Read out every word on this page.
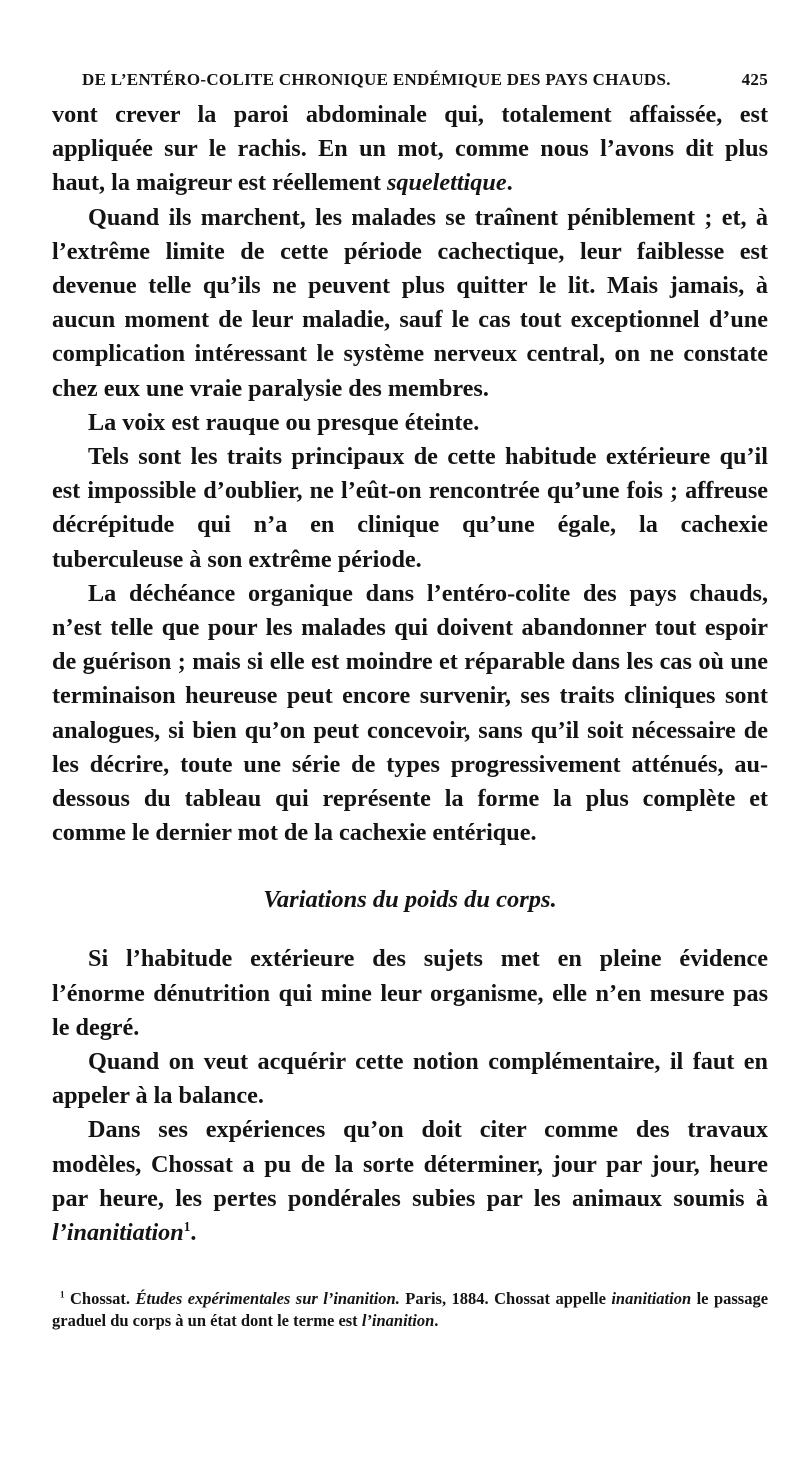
DE L’ENTÉRO-COLITE CHRONIQUE ENDÉMIQUE DES PAYS CHAUDS.	425

vont crever la paroi abdominale qui, totalement affaissée, est appliquée sur le rachis. En un mot, comme nous l’avons dit plus haut, la maigreur est réellement squelettique.

Quand ils marchent, les malades se traînent péniblement ; et, à l’extrême limite de cette période cachectique, leur faiblesse est devenue telle qu’ils ne peuvent plus quitter le lit. Mais jamais, à aucun moment de leur maladie, sauf le cas tout exceptionnel d’une complication intéressant le système nerveux central, on ne constate chez eux une vraie paralysie des membres.

La voix est rauque ou presque éteinte.

Tels sont les traits principaux de cette habitude extérieure qu’il est impossible d’oublier, ne l’eût-on rencontrée qu’une fois ; affreuse décrépitude qui n’a en clinique qu’une égale, la cachexie tuberculeuse à son extrême période.

La déchéance organique dans l’entéro-colite des pays chauds, n’est telle que pour les malades qui doivent abandonner tout espoir de guérison ; mais si elle est moindre et réparable dans les cas où une terminaison heureuse peut encore survenir, ses traits cliniques sont analogues, si bien qu’on peut concevoir, sans qu’il soit nécessaire de les décrire, toute une série de types progressivement atténués, au-dessous du tableau qui représente la forme la plus complète et comme le dernier mot de la cachexie entérique.

Variations du poids du corps.

Si l’habitude extérieure des sujets met en pleine évidence l’énorme dénutrition qui mine leur organisme, elle n’en mesure pas le degré.

Quand on veut acquérir cette notion complémentaire, il faut en appeler à la balance.

Dans ses expériences qu’on doit citer comme des travaux modèles, Chossat a pu de la sorte déterminer, jour par jour, heure par heure, les pertes pondérales subies par les animaux soumis à l’inanitiation$^1$.

$^1$ Chossat. Études expérimentales sur l’inanition. Paris, 1884. Chossat appelle inanitiation le passage graduel du corps à un état dont le terme est l’inanition.
